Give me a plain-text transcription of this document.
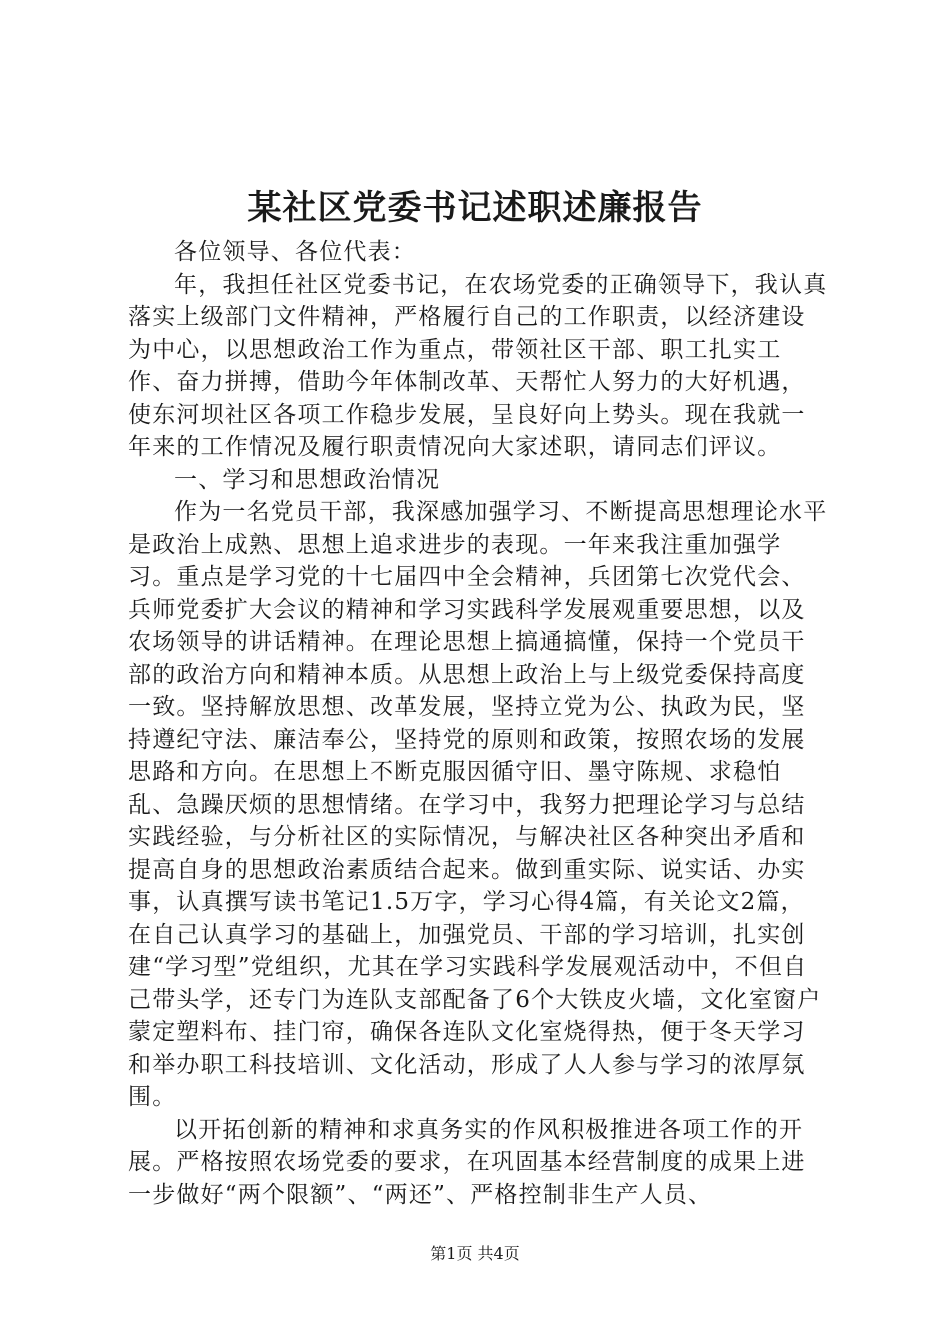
某社区党委书记述职述廉报告

各位领导、各位代表：

年，我担任社区党委书记，在农场党委的正确领导下，我认真落实上级部门文件精神，严格履行自己的工作职责，以经济建设为中心，以思想政治工作为重点，带领社区干部、职工扎实工作、奋力拼搏，借助今年体制改革、天帮忙人努力的大好机遇，使东河坝社区各项工作稳步发展，呈良好向上势头。现在我就一年来的工作情况及履行职责情况向大家述职，请同志们评议。

一、学习和思想政治情况

作为一名党员干部，我深感加强学习、不断提高思想理论水平是政治上成熟、思想上追求进步的表现。一年来我注重加强学习。重点是学习党的十七届四中全会精神，兵团第七次党代会、兵师党委扩大会议的精神和学习实践科学发展观重要思想，以及农场领导的讲话精神。在理论思想上搞通搞懂，保持一个党员干部的政治方向和精神本质。从思想上政治上与上级党委保持高度一致。坚持解放思想、改革发展，坚持立党为公、执政为民，坚持遵纪守法、廉洁奉公，坚持党的原则和政策，按照农场的发展思路和方向。在思想上不断克服因循守旧、墨守陈规、求稳怕乱、急躁厌烦的思想情绪。在学习中，我努力把理论学习与总结实践经验，与分析社区的实际情况，与解决社区各种突出矛盾和提高自身的思想政治素质结合起来。做到重实际、说实话、办实事，认真撰写读书笔记1.5万字，学习心得4篇，有关论文2篇，在自己认真学习的基础上，加强党员、干部的学习培训，扎实创建“学习型”党组织，尤其在学习实践科学发展观活动中，不但自己带头学，还专门为连队支部配备了6个大铁皮火墙，文化室窗户蒙定塑料布、挂门帘，确保各连队文化室烧得热，便于冬天学习和举办职工科技培训、文化活动，形成了人人参与学习的浓厚氛围。

以开拓创新的精神和求真务实的作风积极推进各项工作的开展。严格按照农场党委的要求，在巩固基本经营制度的成果上进一步做好“两个限额”、“两还”、严格控制非生产人员、

第1页 共4页
